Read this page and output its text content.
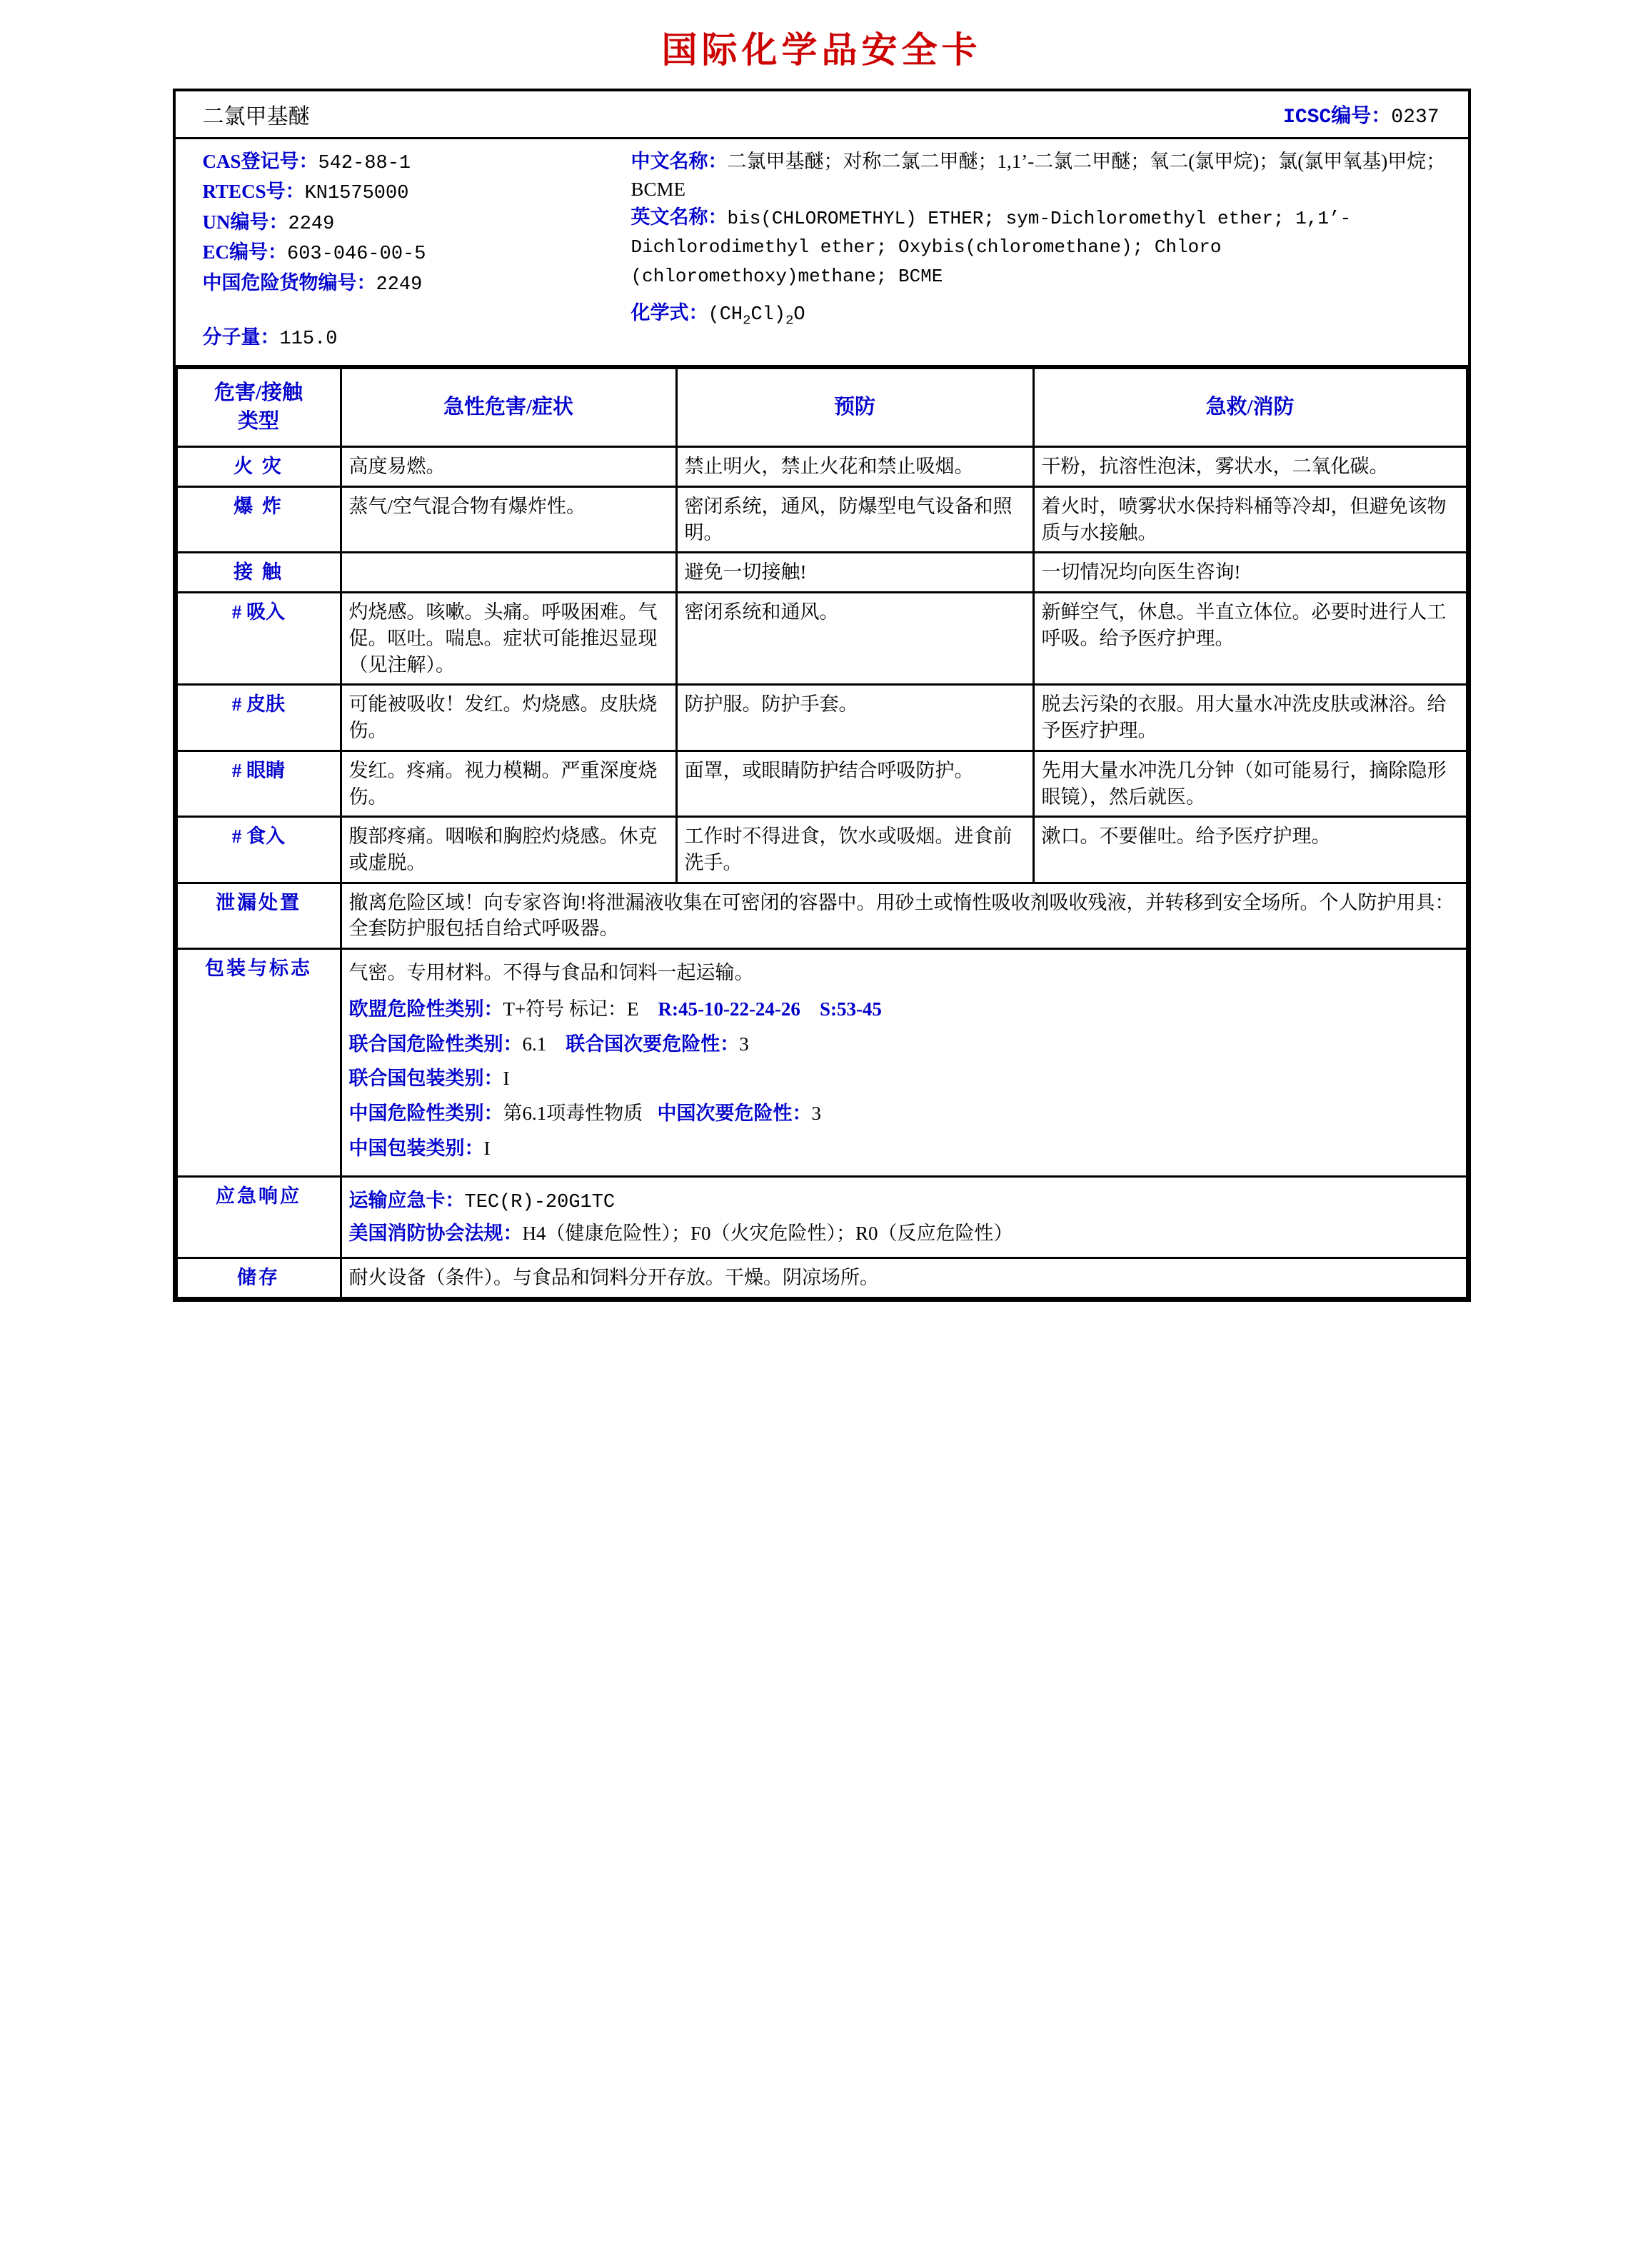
国际化学品安全卡
二氯甲基醚	ICSC编号：0237
CAS登记号：542-88-1
RTECS号：KN1575000
UN编号：2249
EC编号：603-046-00-5
中国危险货物编号：2249
分子量：115.0
中文名称：二氯甲基醚；对称二氯二甲醚；1,1’-二氯二甲醚；氧二(氯甲烷)；氯(氯甲氧基)甲烷；BCME
英文名称：bis(CHLOROMETHYL) ETHER; sym-Dichloromethyl ether; 1,1’-Dichlorodimethyl ether; Oxybis(chloromethane); Chloro (chloromethoxy)methane; BCME
化学式：$(CH_2Cl)_2O$
危害/接触
类型	急性危害/症状	预防	急救/消防
火 灾	高度易燃。	禁止明火，禁止火花和禁止吸烟。	干粉，抗溶性泡沫，雾状水，二氧化碳。
爆 炸	蒸气/空气混合物有爆炸性。	密闭系统，通风，防爆型电气设备和照明。	着火时，喷雾状水保持料桶等冷却，但避免该物质与水接触。
接 触		避免一切接触!	一切情况均向医生咨询!
# 吸入	灼烧感。咳嗽。头痛。呼吸困难。气促。呕吐。喘息。症状可能推迟显现（见注解）。	密闭系统和通风。	新鲜空气，休息。半直立体位。必要时进行人工呼吸。给予医疗护理。
# 皮肤	可能被吸收！发红。灼烧感。皮肤烧伤。	防护服。防护手套。	脱去污染的衣服。用大量水冲洗皮肤或淋浴。给予医疗护理。
# 眼睛	发红。疼痛。视力模糊。严重深度烧伤。	面罩，或眼睛防护结合呼吸防护。	先用大量水冲洗几分钟（如可能易行，摘除隐形眼镜），然后就医。
# 食入	腹部疼痛。咽喉和胸腔灼烧感。休克或虚脱。	工作时不得进食，饮水或吸烟。进食前洗手。	漱口。不要催吐。给予医疗护理。
泄漏处置	撤离危险区域！向专家咨询!将泄漏液收集在可密闭的容器中。用砂土或惰性吸收剂吸收残液，并转移到安全场所。个人防护用具：全套防护服包括自给式呼吸器。		
包装与标志	气密。专用材料。不得与食品和饲料一起运输。
欧盟危险性类别：T+符号 标记：E R:45-10-22-24-26 S:53-45
联合国危险性类别：6.1 联合国次要危险性：3
联合国包装类别：I
中国危险性类别：第6.1项毒性物质 中国次要危险性：3
中国包装类别：I

应急响应	运输应急卡：TEC(R)-20G1TC
美国消防协会法规：H4（健康危险性）；F0（火灾危险性）；R0（反应危险性）		

储存	耐火设备（条件）。与食品和饲料分开存放。干燥。阴凉场所。		
